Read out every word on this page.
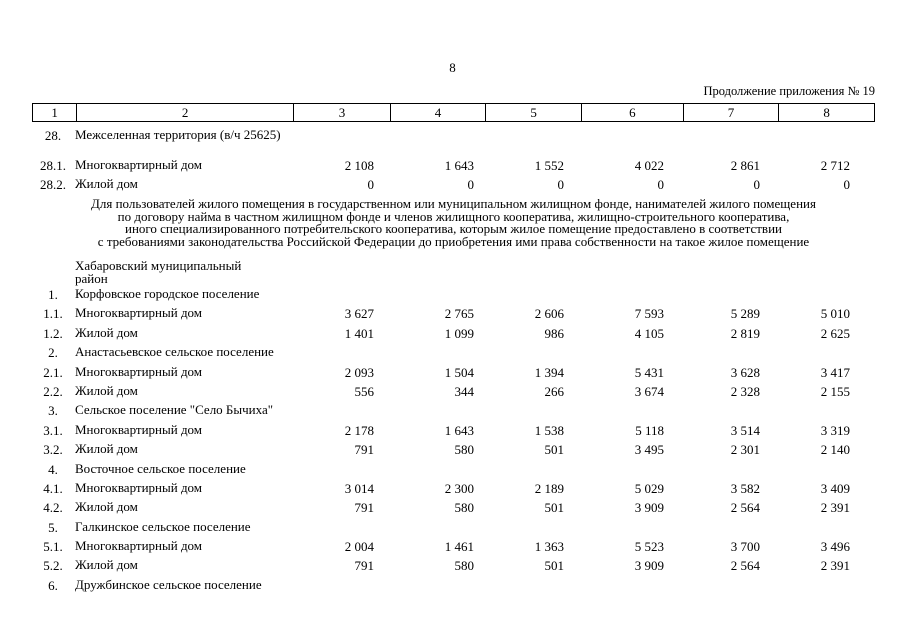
8
Продолжение приложения № 19
1	2	3	4	5	6	7	8
28.	Межселенная территория (в/ч 25625)
28.1. Многоквартирный дом	2 108	1 643	1 552	4 022	2 861	2 712
28.2. Жилой дом	0	0	0	0	0	0
Для пользователей жилого помещения в государственном или муниципальном жилищном фонде, нанимателей жилого помещения
по договору найма в частном жилищном фонде и членов жилищного кооператива, жилищно-строительного кооператива,
иного специализированного потребительского кооператива, которым жилое помещение предоставлено в соответствии
с требованиями законодательства Российской Федерации до приобретения ими права собственности на такое жилое помещение
Хабаровский муниципальный район
1.	Корфовское городское поселение
1.1. Многоквартирный дом	3 627	2 765	2 606	7 593	5 289	5 010
1.2. Жилой дом	1 401	1 099	986	4 105	2 819	2 625
2.	Анастасьевское сельское поселение
2.1. Многоквартирный дом	2 093	1 504	1 394	5 431	3 628	3 417
2.2. Жилой дом	556	344	266	3 674	2 328	2 155
3.	Сельское поселение "Село Бычиха"
3.1. Многоквартирный дом	2 178	1 643	1 538	5 118	3 514	3 319
3.2. Жилой дом	791	580	501	3 495	2 301	2 140
4.	Восточное сельское поселение
4.1. Многоквартирный дом	3 014	2 300	2 189	5 029	3 582	3 409
4.2. Жилой дом	791	580	501	3 909	2 564	2 391
5.	Галкинское сельское поселение
5.1. Многоквартирный дом	2 004	1 461	1 363	5 523	3 700	3 496
5.2. Жилой дом	791	580	501	3 909	2 564	2 391
6.	Дружбинское сельское поселение
